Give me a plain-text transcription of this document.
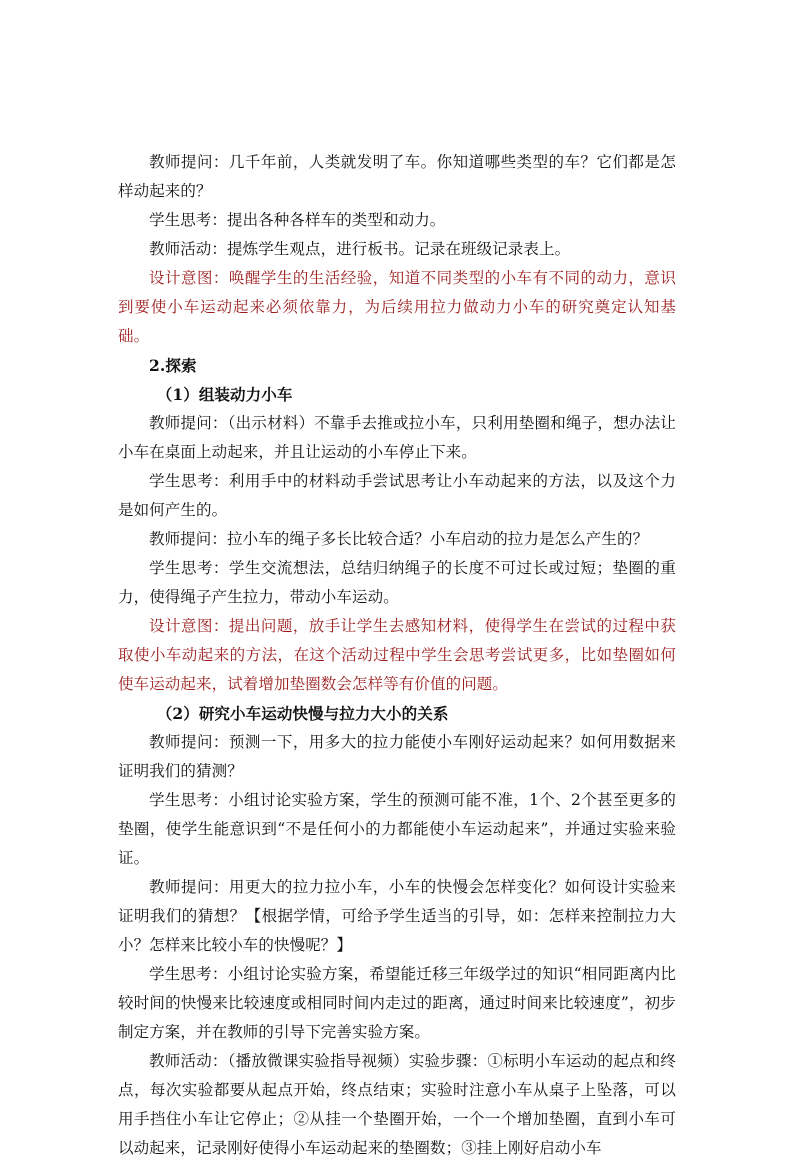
教师提问：几千年前，人类就发明了车。你知道哪些类型的车？它们都是怎样动起来的？

学生思考：提出各种各样车的类型和动力。

教师活动：提炼学生观点，进行板书。记录在班级记录表上。

设计意图：唤醒学生的生活经验，知道不同类型的小车有不同的动力，意识到要使小车运动起来必须依靠力，为后续用拉力做动力小车的研究奠定认知基础。

2.探索

（1）组装动力小车

教师提问：（出示材料）不靠手去推或拉小车，只利用垫圈和绳子，想办法让小车在桌面上动起来，并且让运动的小车停止下来。

学生思考：利用手中的材料动手尝试思考让小车动起来的方法，以及这个力是如何产生的。

教师提问：拉小车的绳子多长比较合适？小车启动的拉力是怎么产生的？

学生思考：学生交流想法，总结归纳绳子的长度不可过长或过短；垫圈的重力，使得绳子产生拉力，带动小车运动。

设计意图：提出问题，放手让学生去感知材料，使得学生在尝试的过程中获取使小车动起来的方法，在这个活动过程中学生会思考尝试更多，比如垫圈如何使车运动起来，试着增加垫圈数会怎样等有价值的问题。

（2）研究小车运动快慢与拉力大小的关系

教师提问：预测一下，用多大的拉力能使小车刚好运动起来？如何用数据来证明我们的猜测？

学生思考：小组讨论实验方案，学生的预测可能不准，1个、2个甚至更多的垫圈，使学生能意识到“不是任何小的力都能使小车运动起来”，并通过实验来验证。

教师提问：用更大的拉力拉小车，小车的快慢会怎样变化？如何设计实验来证明我们的猜想？【根据学情，可给予学生适当的引导，如：怎样来控制拉力大小？怎样来比较小车的快慢呢？】

学生思考：小组讨论实验方案，希望能迁移三年级学过的知识“相同距离内比较时间的快慢来比较速度或相同时间内走过的距离，通过时间来比较速度”，初步制定方案，并在教师的引导下完善实验方案。

教师活动：（播放微课实验指导视频）实验步骤：①标明小车运动的起点和终点，每次实验都要从起点开始，终点结束；实验时注意小车从桌子上坠落，可以用手挡住小车让它停止；②从挂一个垫圈开始，一个一个增加垫圈，直到小车可以动起来，记录刚好使得小车运动起来的垫圈数；③挂上刚好启动小车
